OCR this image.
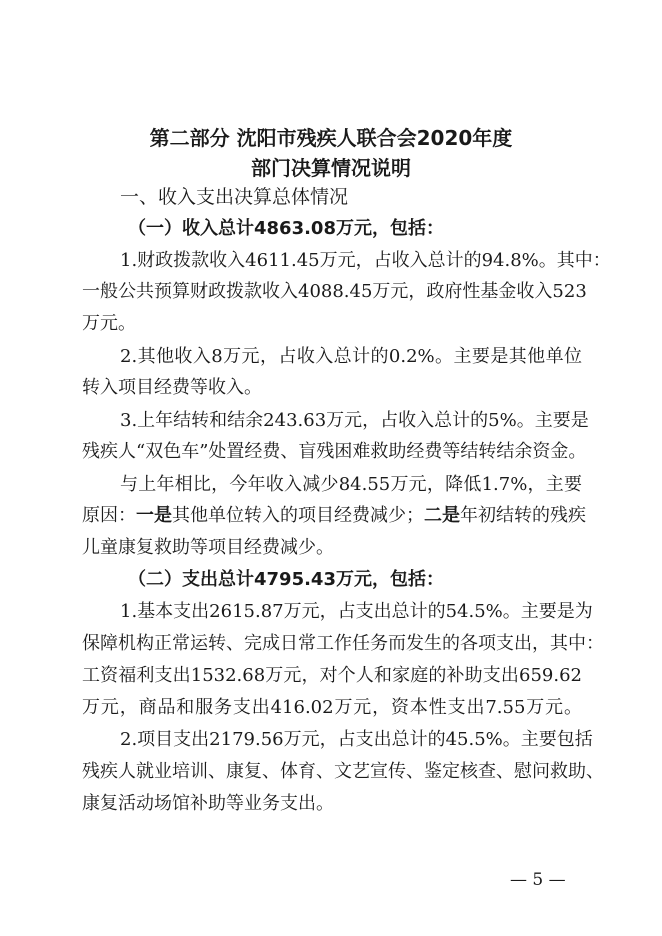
第二部分 沈阳市残疾人联合会2020年度
部门决算情况说明
一、收入支出决算总体情况
（一）收入总计4863.08万元，包括：
1.财政拨款收入4611.45万元，占收入总计的94.8%。其中：
一般公共预算财政拨款收入4088.45万元，政府性基金收入523
万元。
2.其他收入8万元，占收入总计的0.2%。主要是其他单位
转入项目经费等收入。
3.上年结转和结余243.63万元，占收入总计的5%。主要是
残疾人“双色车”处置经费、盲残困难救助经费等结转结余资金。
与上年相比，今年收入减少84.55万元，降低1.7%，主要
原因：一是其他单位转入的项目经费减少；二是年初结转的残疾
儿童康复救助等项目经费减少。
（二）支出总计4795.43万元，包括：
1.基本支出2615.87万元，占支出总计的54.5%。主要是为
保障机构正常运转、完成日常工作任务而发生的各项支出，其中：
工资福利支出1532.68万元，对个人和家庭的补助支出659.62
万元，商品和服务支出416.02万元，资本性支出7.55万元。
2.项目支出2179.56万元，占支出总计的45.5%。主要包括
残疾人就业培训、康复、体育、文艺宣传、鉴定核查、慰问救助、
康复活动场馆补助等业务支出。
— 5 —
